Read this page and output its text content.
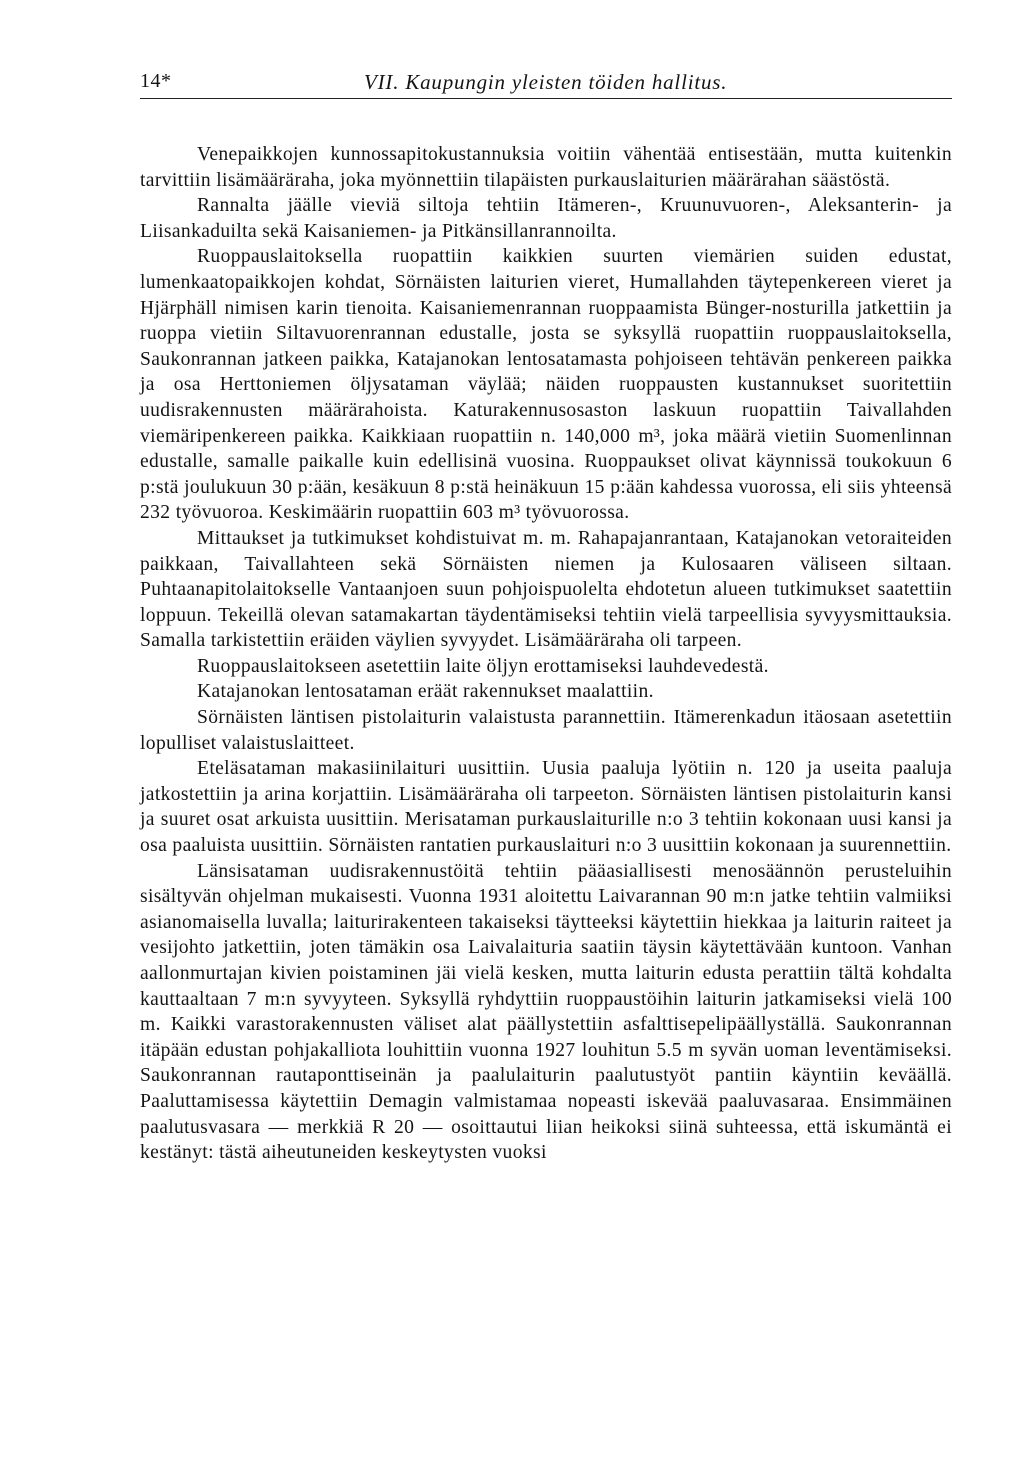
14*	VII. Kaupungin yleisten töiden hallitus.

Venepaikkojen kunnossapitokustannuksia voitiin vähentää entisestään, mutta kuitenkin tarvittiin lisämääräraha, joka myönnettiin tilapäisten purkauslaiturien määrärahan säästöstä.

Rannalta jäälle vieviä siltoja tehtiin Itämeren-, Kruunuvuoren-, Aleksanterin- ja Liisankaduilta sekä Kaisaniemen- ja Pitkänsillanrannoilta.

Ruoppauslaitoksella ruopattiin kaikkien suurten viemärien suiden edustat, lumenkaatopaikkojen kohdat, Sörnäisten laiturien vieret, Humallahden täytepenkereen vieret ja Hjärphäll nimisen karin tienoita. Kaisaniemenrannan ruoppaamista Bünger-nosturilla jatkettiin ja ruoppa vietiin Siltavuorenrannan edustalle, josta se syksyllä ruopattiin ruoppauslaitoksella, Saukonrannan jatkeen paikka, Katajanokan lentosatamasta pohjoiseen tehtävän penkereen paikka ja osa Herttoniemen öljysataman väylää; näiden ruoppausten kustannukset suoritettiin uudisrakennusten määrärahoista. Katurakennusosaston laskuun ruopattiin Taivallahden viemäripenkereen paikka. Kaikkiaan ruopattiin n. 140,000 m³, joka määrä vietiin Suomenlinnan edustalle, samalle paikalle kuin edellisinä vuosina. Ruoppaukset olivat käynnissä toukokuun 6 p:stä joulukuun 30 p:ään, kesäkuun 8 p:stä heinäkuun 15 p:ään kahdessa vuorossa, eli siis yhteensä 232 työvuoroa. Keskimäärin ruopattiin 603 m³ työvuorossa.

Mittaukset ja tutkimukset kohdistuivat m. m. Rahapajanrantaan, Katajanokan vetoraiteiden paikkaan, Taivallahteen sekä Sörnäisten niemen ja Kulosaaren väliseen siltaan. Puhtaanapitolaitokselle Vantaanjoen suun pohjoispuolelta ehdotetun alueen tutkimukset saatettiin loppuun. Tekeillä olevan satamakartan täydentämiseksi tehtiin vielä tarpeellisia syvyysmittauksia. Samalla tarkistettiin eräiden väylien syvyydet. Lisämääräraha oli tarpeen.

Ruoppauslaitokseen asetettiin laite öljyn erottamiseksi lauhdevedestä.

Katajanokan lentosataman eräät rakennukset maalattiin.

Sörnäisten läntisen pistolaiturin valaistusta parannettiin. Itämerenkadun itäosaan asetettiin lopulliset valaistuslaitteet.

Eteläsataman makasiinilaituri uusittiin. Uusia paaluja lyötiin n. 120 ja useita paaluja jatkostettiin ja arina korjattiin. Lisämääräraha oli tarpeeton. Sörnäisten läntisen pistolaiturin kansi ja suuret osat arkuista uusittiin. Merisataman purkauslaiturille n:o 3 tehtiin kokonaan uusi kansi ja osa paaluista uusittiin. Sörnäisten rantatien purkauslaituri n:o 3 uusittiin kokonaan ja suurennettiin.

Länsisataman uudisrakennustöitä tehtiin pääasiallisesti menosäännön perusteluihin sisältyvän ohjelman mukaisesti. Vuonna 1931 aloitettu Laivarannan 90 m:n jatke tehtiin valmiiksi asianomaisella luvalla; laiturirakenteen takaiseksi täytteeksi käytettiin hiekkaa ja laiturin raiteet ja vesijohto jatkettiin, joten tämäkin osa Laivalaituria saatiin täysin käytettävään kuntoon. Vanhan aallonmurtajan kivien poistaminen jäi vielä kesken, mutta laiturin edusta perattiin tältä kohdalta kauttaaltaan 7 m:n syvyyteen. Syksyllä ryhdyttiin ruoppaustöihin laiturin jatkamiseksi vielä 100 m. Kaikki varastorakennusten väliset alat päällystettiin asfalttisepelipäällyställä. Saukonrannan itäpään edustan pohjakalliota louhittiin vuonna 1927 louhitun 5.5 m syvän uoman leventämiseksi. Saukonrannan rautaponttiseinän ja paalulaiturin paalutustyöt pantiin käyntiin keväällä. Paaluttamisessa käytettiin Demagin valmistamaa nopeasti iskevää paaluvasaraa. Ensimmäinen paalutusvasara — merkkiä R 20 — osoittautui liian heikoksi siinä suhteessa, että iskumäntä ei kestänyt: tästä aiheutuneiden keskeytysten vuoksi
